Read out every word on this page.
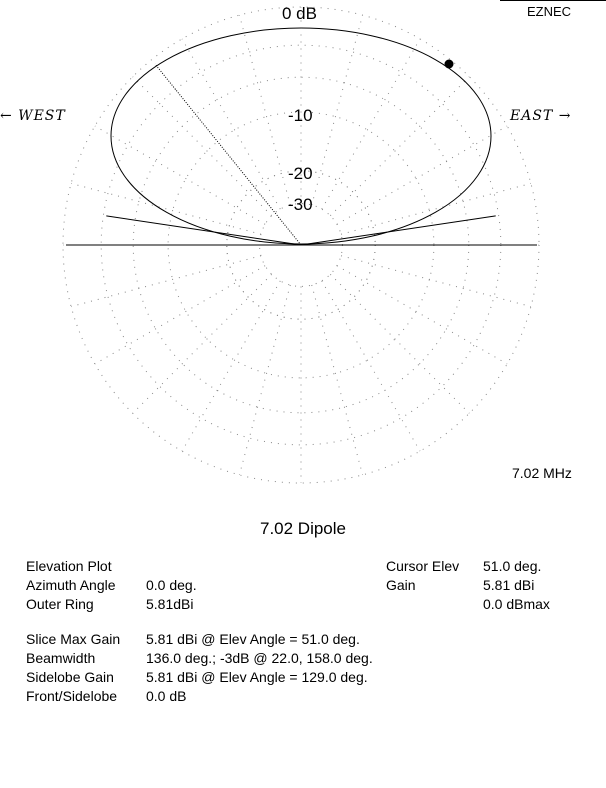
EZNEC
0 dB
-10
-20
-30
← WEST	EAST →
7.02 MHz
7.02 Dipole
Elevation Plot
Azimuth Angle 0.0 deg.
Outer Ring	5.81dBi
Cursor Elev 51.0 deg.
Gain	5.81 dBi
0.0 dBmax
Slice Max Gain 5.81 dBi @ Elev Angle = 51.0 deg.
Beamwidth	136.0 deg.; -3dB @ 22.0, 158.0 deg.
Sidelobe Gain 5.81 dBi @ Elev Angle = 129.0 deg.
Front/Sidelobe 0.0 dB
